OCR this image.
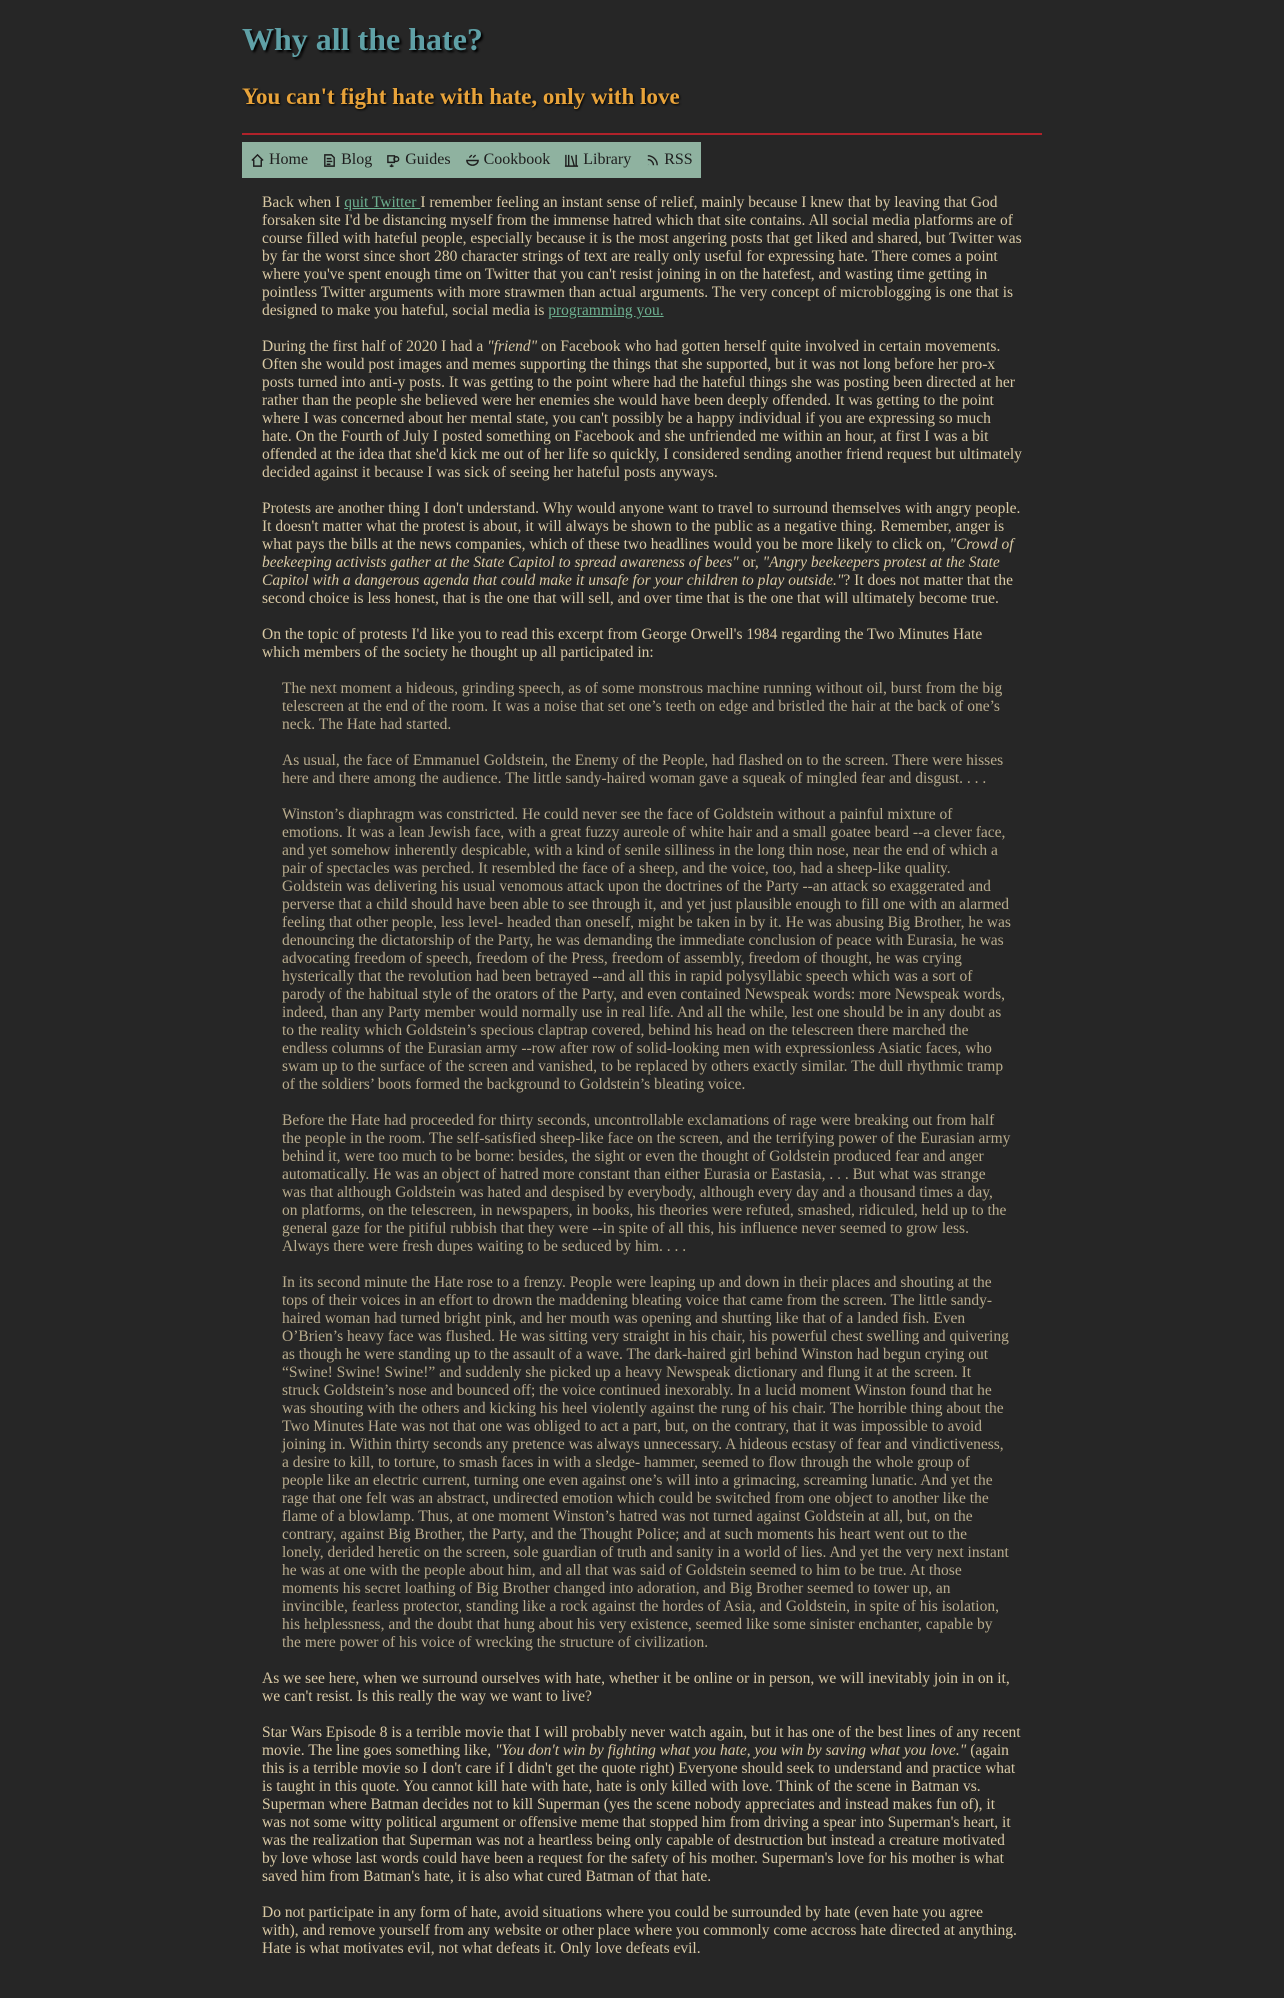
Why all the hate?
You can't fight hate with hate, only with love
Home Blog Guides Cookbook Library RSS

Back when I quit Twitter I remember feeling an instant sense of relief, mainly because I knew that by leaving that God forsaken site I'd be distancing myself from the immense hatred which that site contains. All social media platforms are of course filled with hateful people, especially because it is the most angering posts that get liked and shared, but Twitter was by far the worst since short 280 character strings of text are really only useful for expressing hate. There comes a point where you've spent enough time on Twitter that you can't resist joining in on the hatefest, and wasting time getting in pointless Twitter arguments with more strawmen than actual arguments. The very concept of microblogging is one that is designed to make you hateful, social media is programming you.

During the first half of 2020 I had a "friend" on Facebook who had gotten herself quite involved in certain movements. Often she would post images and memes supporting the things that she supported, but it was not long before her pro-x posts turned into anti-y posts. It was getting to the point where had the hateful things she was posting been directed at her rather than the people she believed were her enemies she would have been deeply offended. It was getting to the point where I was concerned about her mental state, you can't possibly be a happy individual if you are expressing so much hate. On the Fourth of July I posted something on Facebook and she unfriended me within an hour, at first I was a bit offended at the idea that she'd kick me out of her life so quickly, I considered sending another friend request but ultimately decided against it because I was sick of seeing her hateful posts anyways.

Protests are another thing I don't understand. Why would anyone want to travel to surround themselves with angry people. It doesn't matter what the protest is about, it will always be shown to the public as a negative thing. Remember, anger is what pays the bills at the news companies, which of these two headlines would you be more likely to click on, "Crowd of beekeeping activists gather at the State Capitol to spread awareness of bees" or, "Angry beekeepers protest at the State Capitol with a dangerous agenda that could make it unsafe for your children to play outside."? It does not matter that the second choice is less honest, that is the one that will sell, and over time that is the one that will ultimately become true.

On the topic of protests I'd like you to read this excerpt from George Orwell's 1984 regarding the Two Minutes Hate which members of the society he thought up all participated in:

The next moment a hideous, grinding speech, as of some monstrous machine running without oil, burst from the big telescreen at the end of the room. It was a noise that set one’s teeth on edge and bristled the hair at the back of one’s neck. The Hate had started.

As usual, the face of Emmanuel Goldstein, the Enemy of the People, had flashed on to the screen. There were hisses here and there among the audience. The little sandy-haired woman gave a squeak of mingled fear and disgust. . . .

Winston’s diaphragm was constricted. He could never see the face of Goldstein without a painful mixture of emotions. It was a lean Jewish face, with a great fuzzy aureole of white hair and a small goatee beard --a clever face, and yet somehow inherently despicable, with a kind of senile silliness in the long thin nose, near the end of which a pair of spectacles was perched. It resembled the face of a sheep, and the voice, too, had a sheep-like quality. Goldstein was delivering his usual venomous attack upon the doctrines of the Party --an attack so exaggerated and perverse that a child should have been able to see through it, and yet just plausible enough to fill one with an alarmed feeling that other people, less level- headed than oneself, might be taken in by it. He was abusing Big Brother, he was denouncing the dictatorship of the Party, he was demanding the immediate conclusion of peace with Eurasia, he was advocating freedom of speech, freedom of the Press, freedom of assembly, freedom of thought, he was crying hysterically that the revolution had been betrayed --and all this in rapid polysyllabic speech which was a sort of parody of the habitual style of the orators of the Party, and even contained Newspeak words: more Newspeak words, indeed, than any Party member would normally use in real life. And all the while, lest one should be in any doubt as to the reality which Goldstein’s specious claptrap covered, behind his head on the telescreen there marched the endless columns of the Eurasian army --row after row of solid-looking men with expressionless Asiatic faces, who swam up to the surface of the screen and vanished, to be replaced by others exactly similar. The dull rhythmic tramp of the soldiers’ boots formed the background to Goldstein’s bleating voice.

Before the Hate had proceeded for thirty seconds, uncontrollable exclamations of rage were breaking out from half the people in the room. The self-satisfied sheep-like face on the screen, and the terrifying power of the Eurasian army behind it, were too much to be borne: besides, the sight or even the thought of Goldstein produced fear and anger automatically. He was an object of hatred more constant than either Eurasia or Eastasia, . . . But what was strange was that although Goldstein was hated and despised by everybody, although every day and a thousand times a day, on platforms, on the telescreen, in newspapers, in books, his theories were refuted, smashed, ridiculed, held up to the general gaze for the pitiful rubbish that they were --in spite of all this, his influence never seemed to grow less. Always there were fresh dupes waiting to be seduced by him. . . .

In its second minute the Hate rose to a frenzy. People were leaping up and down in their places and shouting at the tops of their voices in an effort to drown the maddening bleating voice that came from the screen. The little sandy-haired woman had turned bright pink, and her mouth was opening and shutting like that of a landed fish. Even O’Brien’s heavy face was flushed. He was sitting very straight in his chair, his powerful chest swelling and quivering as though he were standing up to the assault of a wave. The dark-haired girl behind Winston had begun crying out “Swine! Swine! Swine!” and suddenly she picked up a heavy Newspeak dictionary and flung it at the screen. It struck Goldstein’s nose and bounced off; the voice continued inexorably. In a lucid moment Winston found that he was shouting with the others and kicking his heel violently against the rung of his chair. The horrible thing about the Two Minutes Hate was not that one was obliged to act a part, but, on the contrary, that it was impossible to avoid joining in. Within thirty seconds any pretence was always unnecessary. A hideous ecstasy of fear and vindictiveness, a desire to kill, to torture, to smash faces in with a sledge- hammer, seemed to flow through the whole group of people like an electric current, turning one even against one’s will into a grimacing, screaming lunatic. And yet the rage that one felt was an abstract, undirected emotion which could be switched from one object to another like the flame of a blowlamp. Thus, at one moment Winston’s hatred was not turned against Goldstein at all, but, on the contrary, against Big Brother, the Party, and the Thought Police; and at such moments his heart went out to the lonely, derided heretic on the screen, sole guardian of truth and sanity in a world of lies. And yet the very next instant he was at one with the people about him, and all that was said of Goldstein seemed to him to be true. At those moments his secret loathing of Big Brother changed into adoration, and Big Brother seemed to tower up, an invincible, fearless protector, standing like a rock against the hordes of Asia, and Goldstein, in spite of his isolation, his helplessness, and the doubt that hung about his very existence, seemed like some sinister enchanter, capable by the mere power of his voice of wrecking the structure of civilization.

As we see here, when we surround ourselves with hate, whether it be online or in person, we will inevitably join in on it, we can't resist. Is this really the way we want to live?

Star Wars Episode 8 is a terrible movie that I will probably never watch again, but it has one of the best lines of any recent movie. The line goes something like, "You don't win by fighting what you hate, you win by saving what you love." (again this is a terrible movie so I don't care if I didn't get the quote right) Everyone should seek to understand and practice what is taught in this quote. You cannot kill hate with hate, hate is only killed with love. Think of the scene in Batman vs. Superman where Batman decides not to kill Superman (yes the scene nobody appreciates and instead makes fun of), it was not some witty political argument or offensive meme that stopped him from driving a spear into Superman's heart, it was the realization that Superman was not a heartless being only capable of destruction but instead a creature motivated by love whose last words could have been a request for the safety of his mother. Superman's love for his mother is what saved him from Batman's hate, it is also what cured Batman of that hate.

Do not participate in any form of hate, avoid situations where you could be surrounded by hate (even hate you agree with), and remove yourself from any website or other place where you commonly come accross hate directed at anything. Hate is what motivates evil, not what defeats it. Only love defeats evil.
